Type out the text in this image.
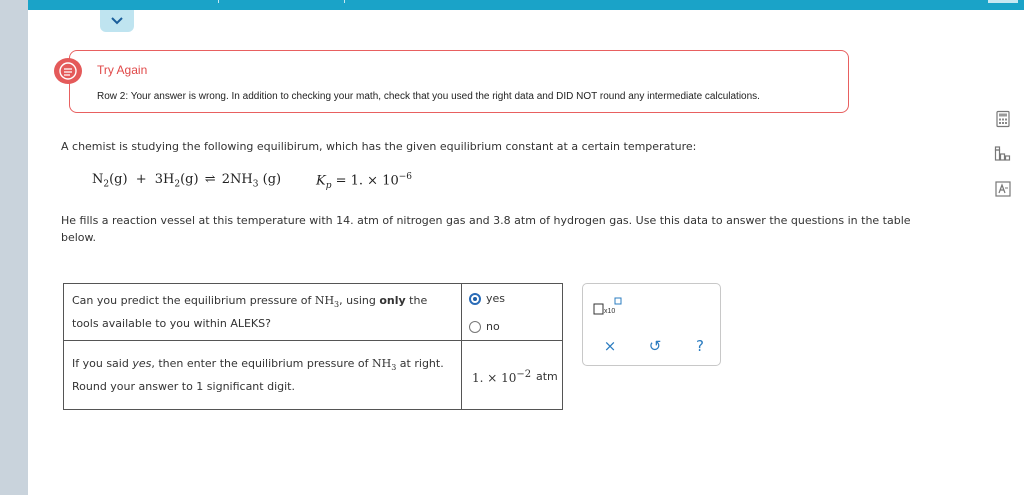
Try Again
Row 2: Your answer is wrong. In addition to checking your math, check that you used the right data and DID NOT round any intermediate calculations.
A chemist is studying the following equilibirum, which has the given equilibrium constant at a certain temperature:
$N_2(g) + 3H_2(g)$ ⇌ $2NH_3$ (g)	$K_p = 1$. × $10^{-6}$
He fills a reaction vessel at this temperature with 14. atm of nitrogen gas and 3.8 atm of hydrogen gas. Use this data to answer the questions in the table below.
Can you predict the equilibrium pressure of $NH_3$, using only the tools available to you within ALEKS?	yes
no

If you said yes, then enter the equilibrium pressure of $NH_3$ at right. Round your answer to 1 significant digit.	1. × $10^{-2}$ atm
x10
× ↺ ?
